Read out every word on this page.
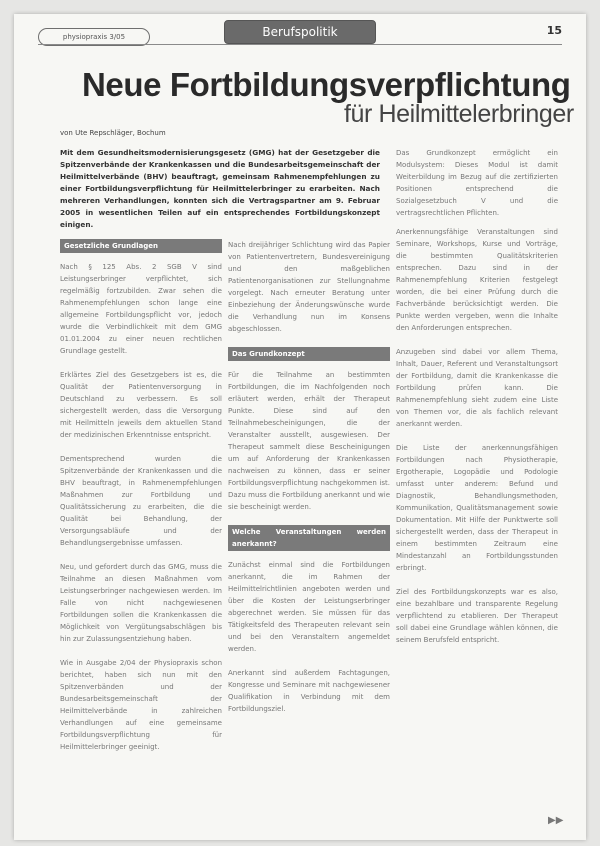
physiopraxis 3/05	Berufspolitik	15
Neue Fortbildungsverpflichtung
für Heilmittelerbringer
von Ute Repschläger, Bochum
Mit dem Gesundheitsmodernisierungsgesetz (GMG) hat der Gesetzgeber die Spitzenverbände der Krankenkassen und die Bundesarbeitsgemeinschaft der Heilmittelverbände (BHV) beauftragt, gemeinsam Rahmenempfehlungen zu einer Fortbildungsverpflichtung für Heilmittelerbringer zu erarbeiten. Nach mehreren Verhandlungen, konnten sich die Vertragspartner am 9. Februar 2005 in wesentlichen Teilen auf ein entsprechendes Fortbildungskonzept einigen.
Das Grundkonzept ermöglicht ein Modulsystem: Dieses Modul ist damit Weiterbildung im Bezug auf die zertifizierten Positionen entsprechend die Sozialgesetzbuch V und die vertragsrechtlichen Pflichten.
Gesetzliche Grundlagen

Nach § 125 Abs. 2 SGB V sind Leistungserbringer verpflichtet, sich regelmäßig fortzubilden. Zwar sehen die Rahmenempfehlungen schon lange eine allgemeine Fortbildungspflicht vor, jedoch wurde die Verbindlichkeit mit dem GMG 01.01.2004 zu einer neuen rechtlichen Grundlage gestellt.

Erklärtes Ziel des Gesetzgebers ist es, die Qualität der Patientenversorgung in Deutschland zu verbessern. Es soll sichergestellt werden, dass die Versorgung mit Heilmitteln jeweils dem aktuellen Stand der medizinischen Erkenntnisse entspricht.

Dementsprechend wurden die Spitzenverbände der Krankenkassen und die BHV beauftragt, in Rahmenempfehlungen Maßnahmen zur Fortbildung und Qualitätssicherung zu erarbeiten, die die Qualität bei Behandlung, der Versorgungsabläufe und der Behandlungsergebnisse umfassen.

Neu, und gefordert durch das GMG, muss die Teilnahme an diesen Maßnahmen vom Leistungserbringer nachgewiesen werden. Im Falle von nicht nachgewiesenen Fortbildungen sollen die Krankenkassen die Möglichkeit von Vergütungsabschlägen bis hin zur Zulassungsentziehung haben.

Wie in Ausgabe 2/04 der Physiopraxis schon berichtet, haben sich nun mit den Spitzenverbänden und der Bundesarbeitsgemeinschaft der Heilmittelverbände in zahlreichen Verhandlungen auf eine gemeinsame Fortbildungsverpflichtung für Heilmittelerbringer geeinigt.

Nach dreijähriger Schlichtung wird das Papier von Patientenvertretern, Bundesvereinigung und den maßgeblichen Patientenorganisationen zur Stellungnahme vorgelegt. Nach erneuter Beratung unter Einbeziehung der Änderungswünsche wurde die Verhandlung nun im Konsens abgeschlossen.

Das Grundkonzept

Für die Teilnahme an bestimmten Fortbildungen, die im Nachfolgenden noch erläutert werden, erhält der Therapeut Punkte. Diese sind auf den Teilnahmebescheinigungen, die der Veranstalter ausstellt, ausgewiesen. Der Therapeut sammelt diese Bescheinigungen um auf Anforderung der Krankenkassen nachweisen zu können, dass er seiner Fortbildungsverpflichtung nachgekommen ist. Dazu muss die Fortbildung anerkannt und wie sie bescheinigt werden.

Welche Veranstaltungen werden anerkannt?

Zunächst einmal sind die Fortbildungen anerkannt, die im Rahmen der Heilmittelrichtlinien angeboten werden und über die Kosten der Leistungserbringer abgerechnet werden. Sie müssen für das Tätigkeitsfeld des Therapeuten relevant sein und bei den Veranstaltern angemeldet werden.

Anerkannt sind außerdem Fachtagungen, Kongresse und Seminare mit nachgewiesener Qualifikation in Verbindung mit dem Fortbildungsziel.

Anerkennungsfähige Veranstaltungen sind Seminare, Workshops, Kurse und Vorträge, die bestimmten Qualitätskriterien entsprechen. Dazu sind in der Rahmenempfehlung Kriterien festgelegt worden, die bei einer Prüfung durch die Fachverbände berücksichtigt werden. Die Punkte werden vergeben, wenn die Inhalte den Anforderungen entsprechen.

Anzugeben sind dabei vor allem Thema, Inhalt, Dauer, Referent und Veranstaltungsort der Fortbildung, damit die Krankenkasse die Fortbildung prüfen kann. Die Rahmenempfehlung sieht zudem eine Liste von Themen vor, die als fachlich relevant anerkannt werden.

Die Liste der anerkennungsfähigen Fortbildungen nach Physiotherapie, Ergotherapie, Logopädie und Podologie umfasst unter anderem: Befund und Diagnostik, Behandlungsmethoden, Kommunikation, Qualitätsmanagement sowie Dokumentation. Mit Hilfe der Punktwerte soll sichergestellt werden, dass der Therapeut in einem bestimmten Zeitraum eine Mindestanzahl an Fortbildungsstunden erbringt.

Ziel des Fortbildungskonzepts war es also, eine bezahlbare und transparente Regelung verpflichtend zu etablieren. Der Therapeut soll dabei eine Grundlage wählen können, die seinem Berufsfeld entspricht.

▶▶
